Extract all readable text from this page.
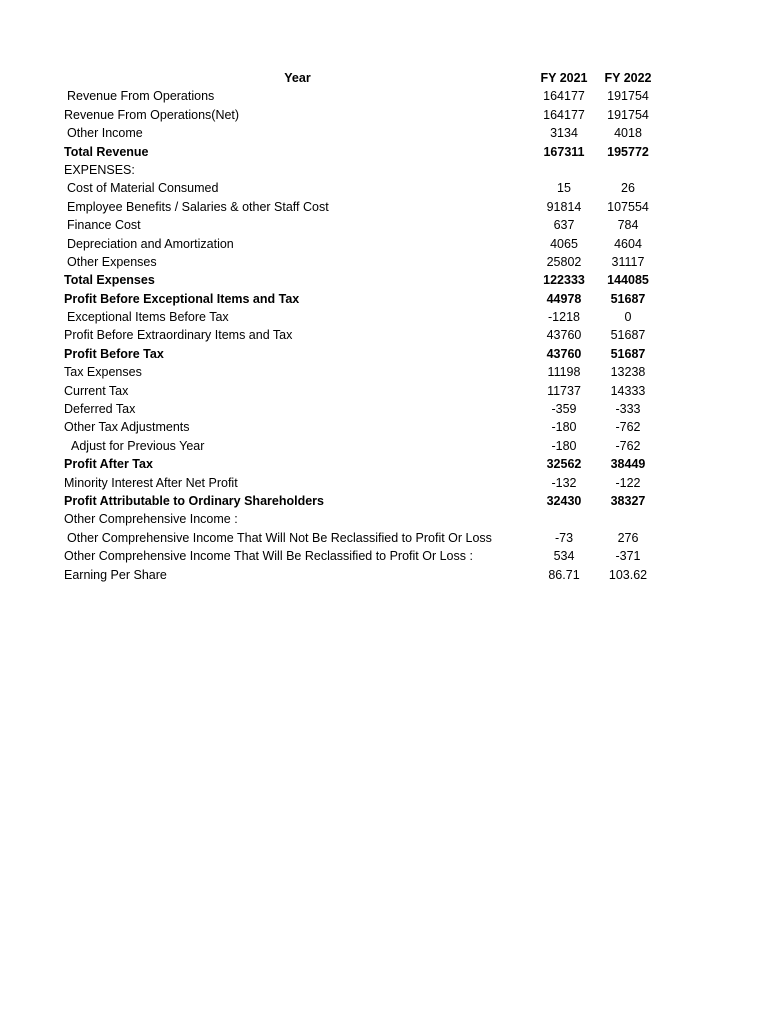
Year	FY 2021	FY 2022
Revenue From Operations	164177	191754
Revenue From Operations(Net)	164177	191754
Other Income	3134	4018
Total Revenue	167311	195772
EXPENSES:
Cost of Material Consumed	15	26
Employee Benefits / Salaries & other Staff Cost	91814	107554
Finance Cost	637	784
Depreciation and Amortization	4065	4604
Other Expenses	25802	31117
Total Expenses	122333	144085
Profit Before Exceptional Items and Tax	44978	51687
Exceptional Items Before Tax	-1218	0
Profit Before Extraordinary Items and Tax	43760	51687
Profit Before Tax	43760	51687
Tax Expenses	11198	13238
Current Tax	11737	14333
Deferred Tax	-359	-333
Other Tax Adjustments	-180	-762
Adjust for Previous Year	-180	-762
Profit After Tax	32562	38449
Minority Interest After Net Profit	-132	-122
Profit Attributable to Ordinary Shareholders	32430	38327
Other Comprehensive Income :
Other Comprehensive Income That Will Not Be Reclassified to Profit Or Loss	-73	276
Other Comprehensive Income That Will Be Reclassified to Profit Or Loss :	534	-371
Earning Per Share	86.71	103.62
